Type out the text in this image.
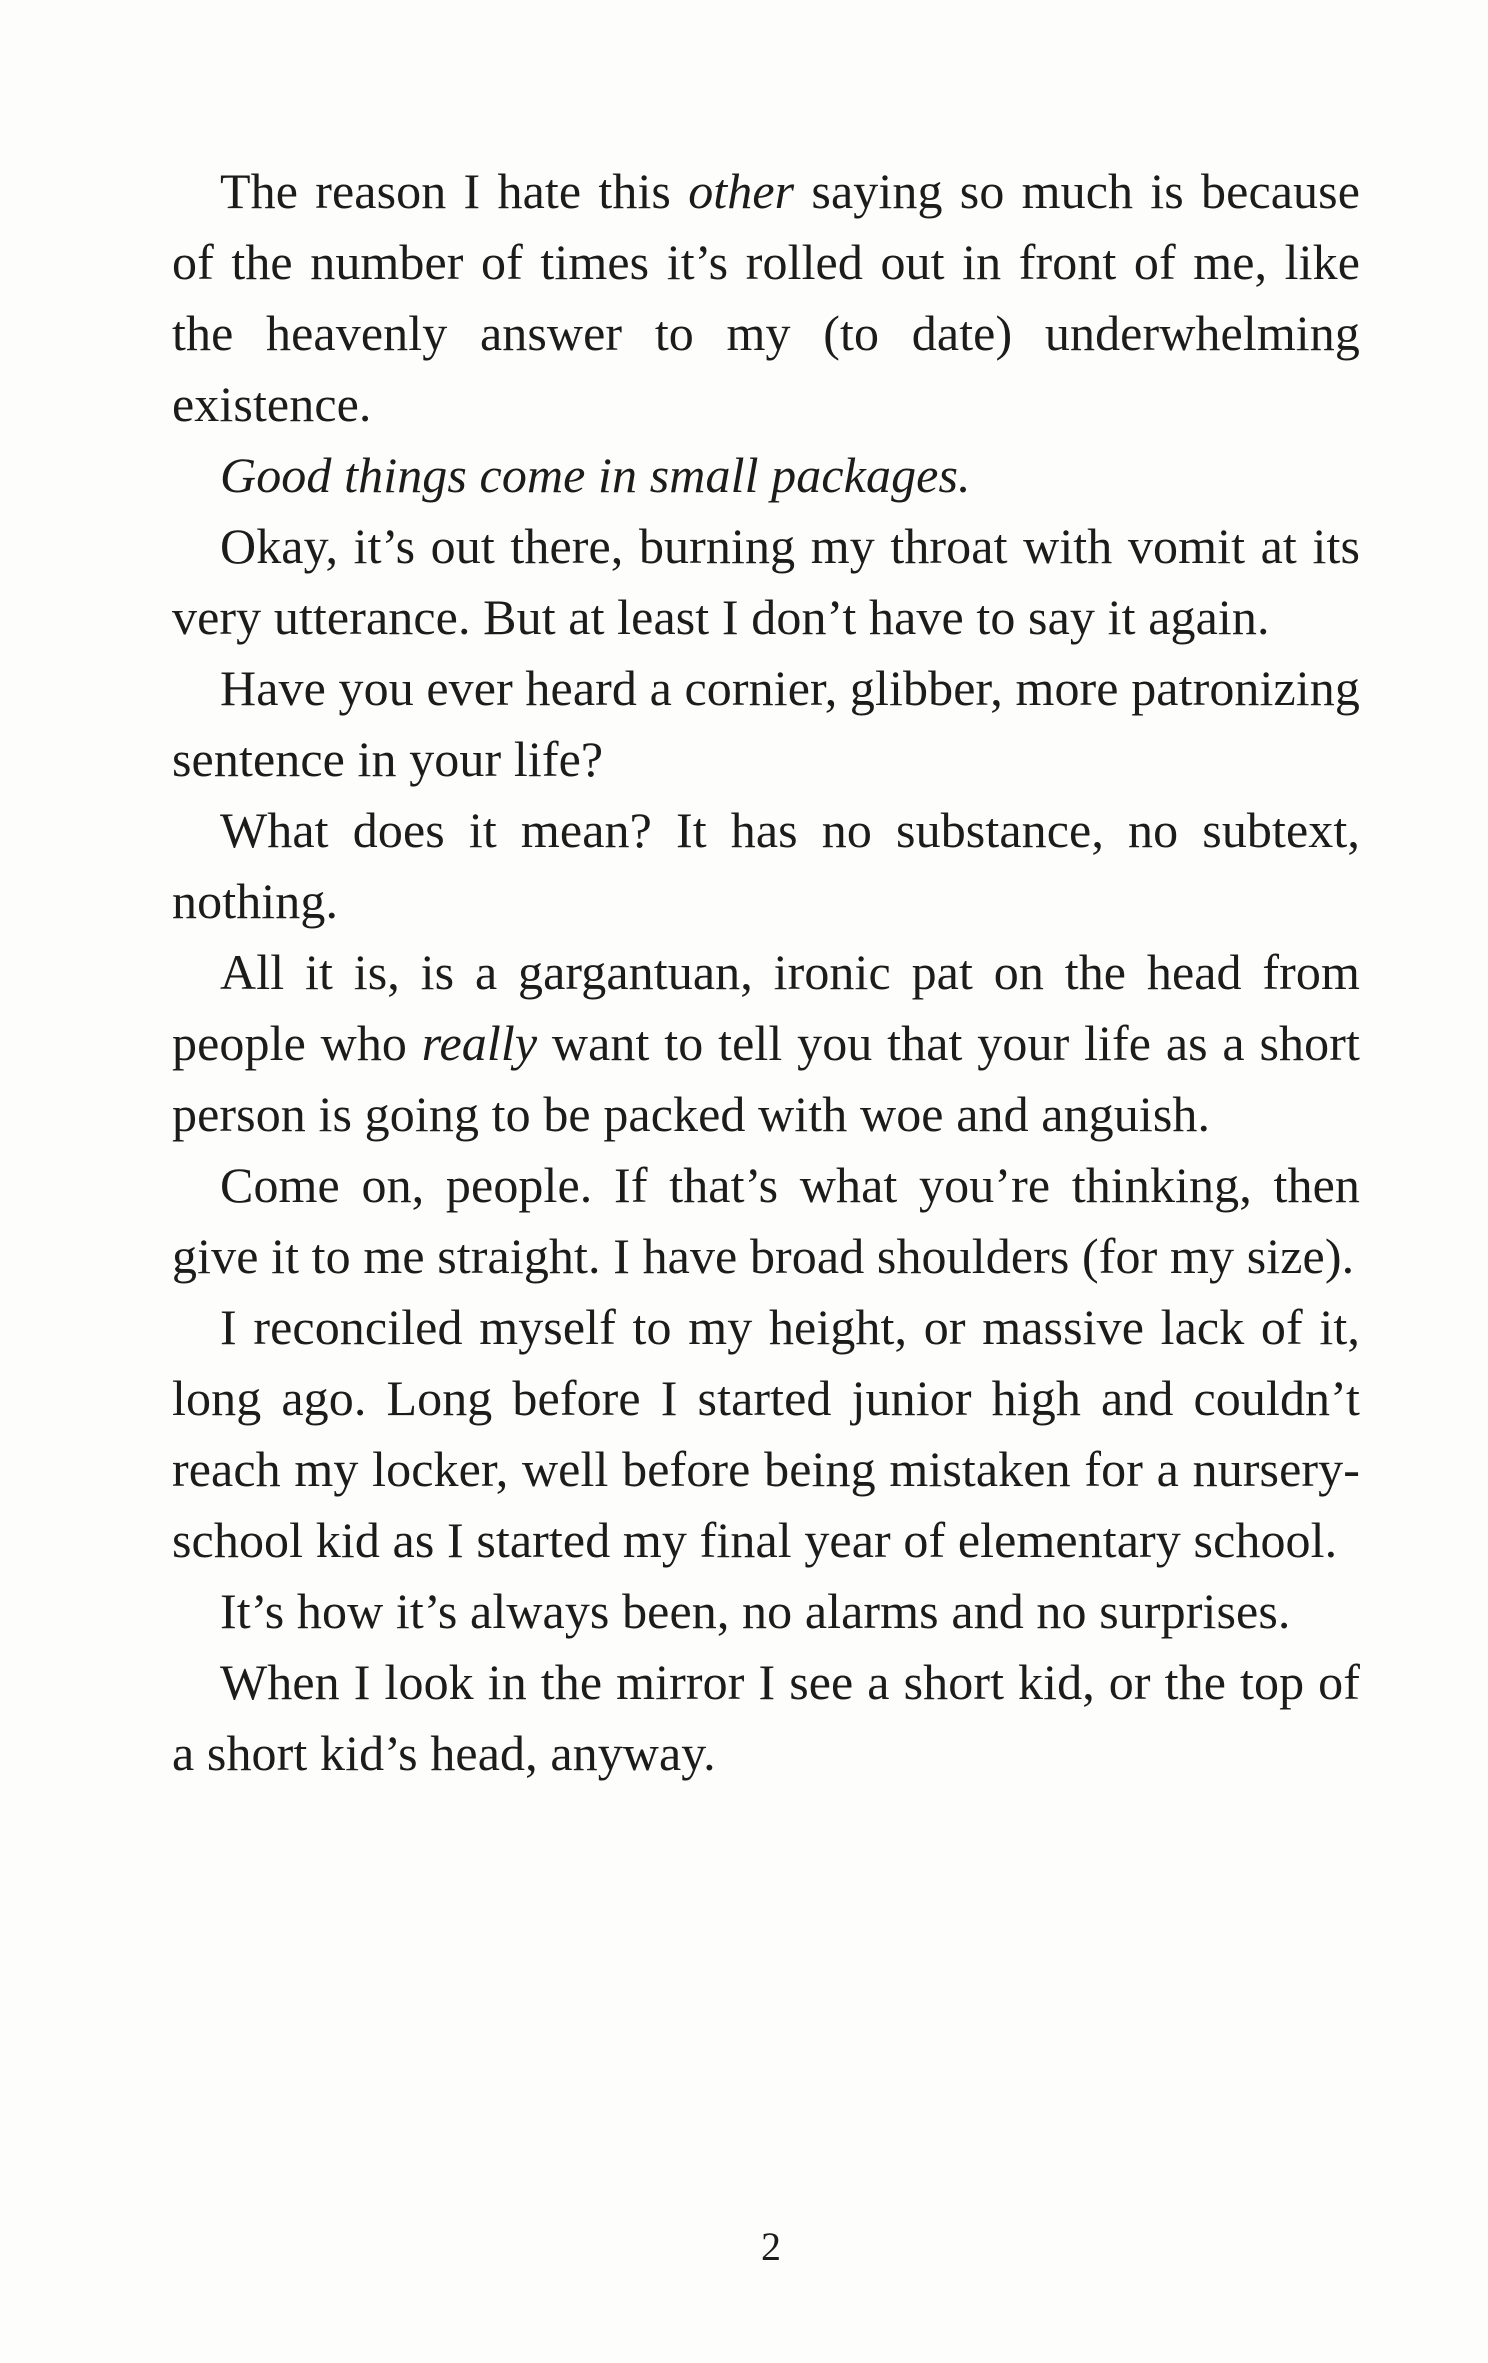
The reason I hate this other saying so much is because of the number of times it’s rolled out in front of me, like the heavenly answer to my (to date) underwhelming existence.

Good things come in small packages.

Okay, it’s out there, burning my throat with vomit at its very utterance. But at least I don’t have to say it again.

Have you ever heard a cornier, glibber, more patronizing sentence in your life?

What does it mean? It has no substance, no subtext, nothing.

All it is, is a gargantuan, ironic pat on the head from people who really want to tell you that your life as a short person is going to be packed with woe and anguish.

Come on, people. If that’s what you’re thinking, then give it to me straight. I have broad shoulders (for my size).

I reconciled myself to my height, or massive lack of it, long ago. Long before I started junior high and couldn’t reach my locker, well before being mistaken for a nursery-school kid as I started my final year of elementary school.

It’s how it’s always been, no alarms and no surprises.

When I look in the mirror I see a short kid, or the top of a short kid’s head, anyway.

2
